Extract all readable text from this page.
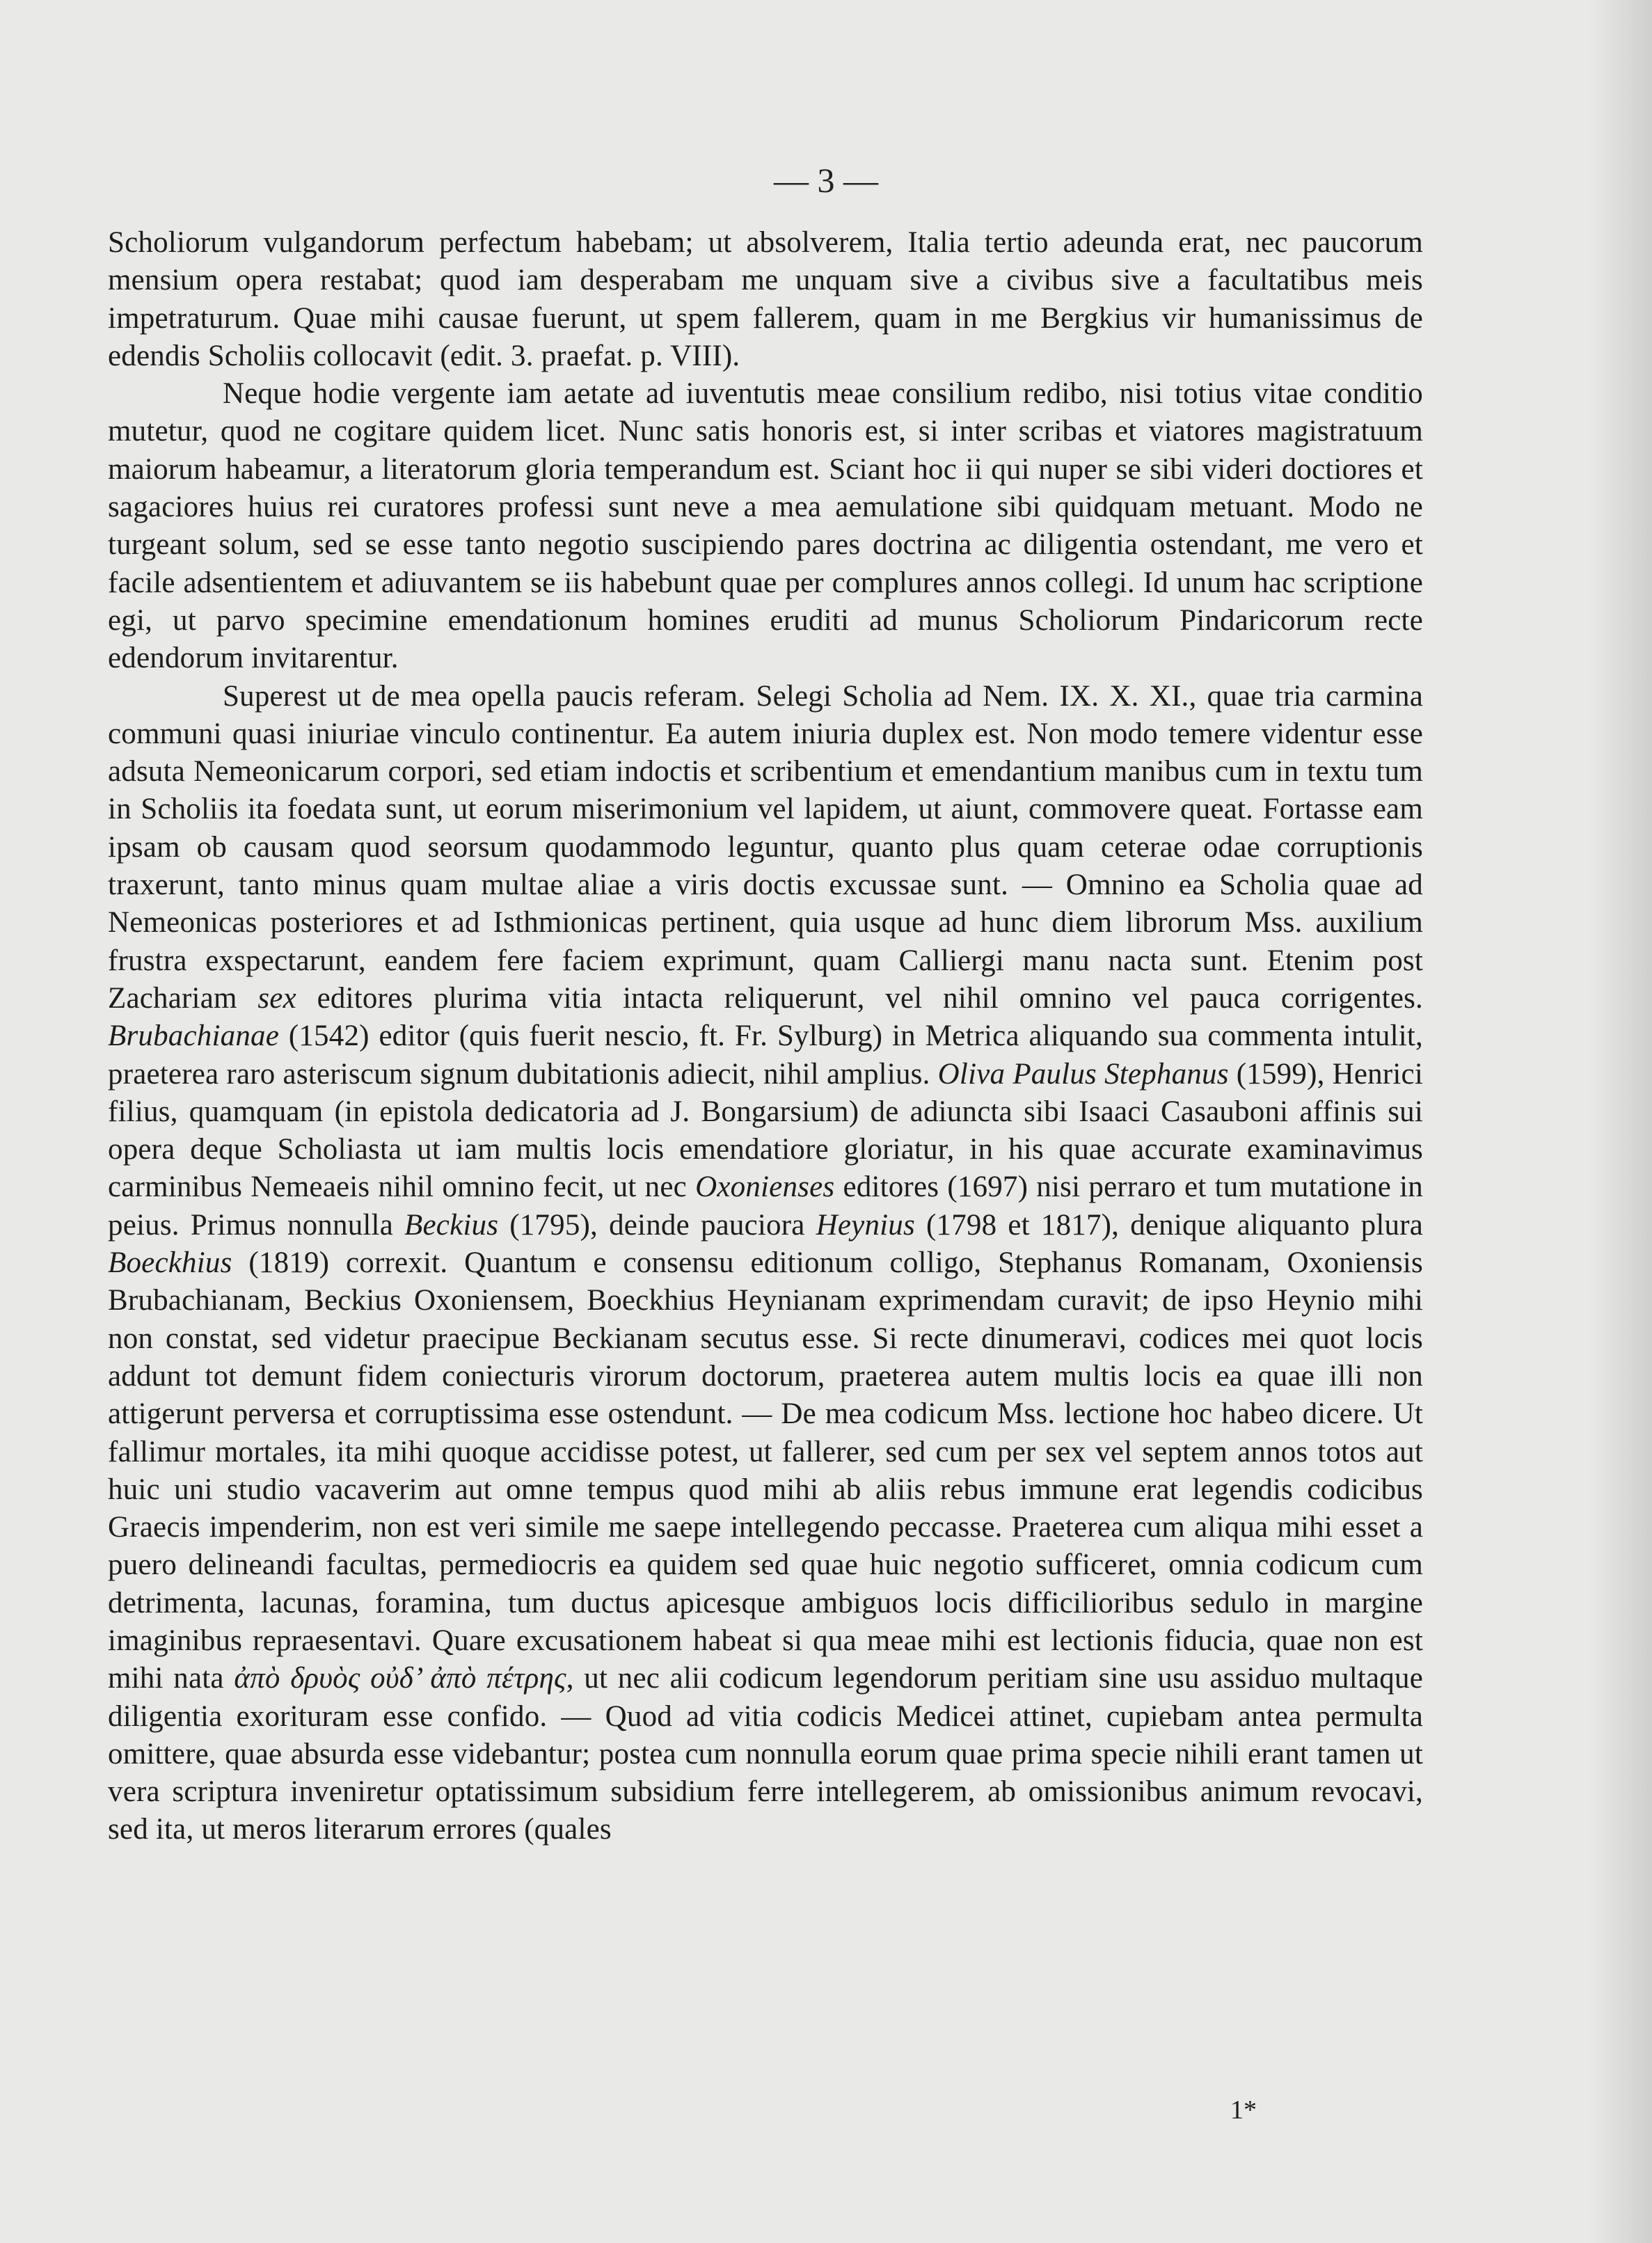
— 3 —

Scholiorum vulgandorum perfectum habebam; ut absolverem, Italia tertio adeunda erat, nec paucorum mensium opera restabat; quod iam desperabam me unquam sive a civibus sive a facultatibus meis impetraturum. Quae mihi causae fuerunt, ut spem fallerem, quam in me Bergkius vir humanissimus de edendis Scholiis collocavit (edit. 3. praefat. p. VIII).

Neque hodie vergente iam aetate ad iuventutis meae consilium redibo, nisi totius vitae conditio mutetur, quod ne cogitare quidem licet. Nunc satis honoris est, si inter scribas et viatores magistratuum maiorum habeamur, a literatorum gloria temperandum est. Sciant hoc ii qui nuper se sibi videri doctiores et sagaciores huius rei curatores professi sunt neve a mea aemulatione sibi quidquam metuant. Modo ne turgeant solum, sed se esse tanto negotio suscipiendo pares doctrina ac diligentia ostendant, me vero et facile adsentientem et adiuvantem se iis habebunt quae per complures annos collegi. Id unum hac scriptione egi, ut parvo specimine emendationum homines eruditi ad munus Scholiorum Pindaricorum recte edendorum invitarentur.

Superest ut de mea opella paucis referam. Selegi Scholia ad Nem. IX. X. XI., quae tria carmina communi quasi iniuriae vinculo continentur. Ea autem iniuria duplex est. Non modo temere videntur esse adsuta Nemeonicarum corpori, sed etiam indoctis et scribentium et emendantium manibus cum in textu tum in Scholiis ita foedata sunt, ut eorum miserimonium vel lapidem, ut aiunt, commovere queat. Fortasse eam ipsam ob causam quod seorsum quodammodo leguntur, quanto plus quam ceterae odae corruptionis traxerunt, tanto minus quam multae aliae a viris doctis excussae sunt. — Omnino ea Scholia quae ad Nemeonicas posteriores et ad Isthmionicas pertinent, quia usque ad hunc diem librorum Mss. auxilium frustra exspectarunt, eandem fere faciem exprimunt, quam Calliergi manu nacta sunt. Etenim post Zachariam sex editores plurima vitia intacta reliquerunt, vel nihil omnino vel pauca corrigentes. Brubachianae (1542) editor (quis fuerit nescio, ft. Fr. Sylburg) in Metrica aliquando sua commenta intulit, praeterea raro asteriscum signum dubitationis adiecit, nihil amplius. Oliva Paulus Stephanus (1599), Henrici filius, quamquam (in epistola dedicatoria ad J. Bongarsium) de adiuncta sibi Isaaci Casauboni affinis sui opera deque Scholiasta ut iam multis locis emendatiore gloriatur, in his quae accurate examinavimus carminibus Nemeaeis nihil omnino fecit, ut nec Oxonienses editores (1697) nisi perraro et tum mutatione in peius. Primus nonnulla Beckius (1795), deinde pauciora Heynius (1798 et 1817), denique aliquanto plura Boeckhius (1819) correxit. Quantum e consensu editionum colligo, Stephanus Romanam, Oxoniensis Brubachianam, Beckius Oxoniensem, Boeckhius Heynianam exprimendam curavit; de ipso Heynio mihi non constat, sed videtur praecipue Beckianam secutus esse. Si recte dinumeravi, codices mei quot locis addunt tot demunt fidem coniecturis virorum doctorum, praeterea autem multis locis ea quae illi non attigerunt perversa et corruptissima esse ostendunt. — De mea codicum Mss. lectione hoc habeo dicere. Ut fallimur mortales, ita mihi quoque accidisse potest, ut fallerer, sed cum per sex vel septem annos totos aut huic uni studio vacaverim aut omne tempus quod mihi ab aliis rebus immune erat legendis codicibus Graecis impenderim, non est veri simile me saepe intellegendo peccasse. Praeterea cum aliqua mihi esset a puero delineandi facultas, permediocris ea quidem sed quae huic negotio sufficeret, omnia codicum cum detrimenta, lacunas, foramina, tum ductus apicesque ambiguos locis difficilioribus sedulo in margine imaginibus repraesentavi. Quare excusationem habeat si qua meae mihi est lectionis fiducia, quae non est mihi nata ἀπὸ δρυὸς οὐδ’ ἀπὸ πέτρης, ut nec alii codicum legendorum peritiam sine usu assiduo multaque diligentia exorituram esse confido. — Quod ad vitia codicis Medicei attinet, cupiebam antea permulta omittere, quae absurda esse videbantur; postea cum nonnulla eorum quae prima specie nihili erant tamen ut vera scriptura inveniretur optatissimum subsidium ferre intellegerem, ab omissionibus animum revocavi, sed ita, ut meros literarum errores (quales

1*
